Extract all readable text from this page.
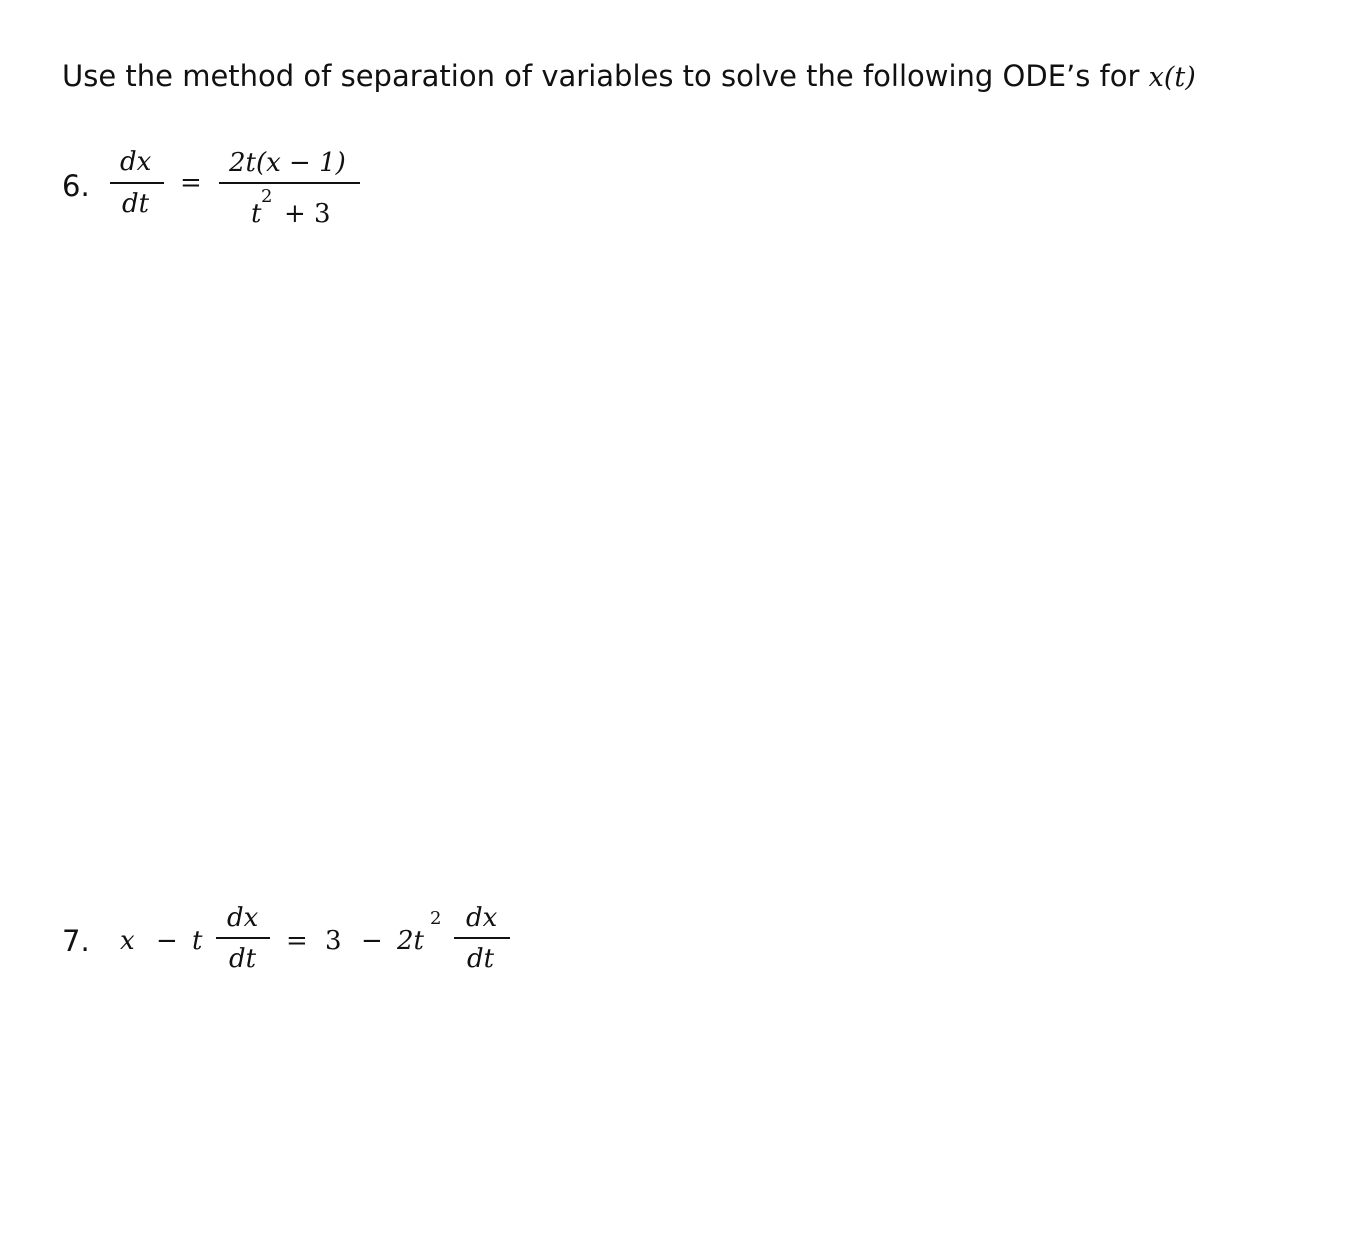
Use the method of separation of variables to solve the following ODE’s for x(t)
6.
dx
dt
=
2t(x − 1)
t
2
+ 3
7. x − t
dx
dt
= 3 − 2t
2 dx
dt
